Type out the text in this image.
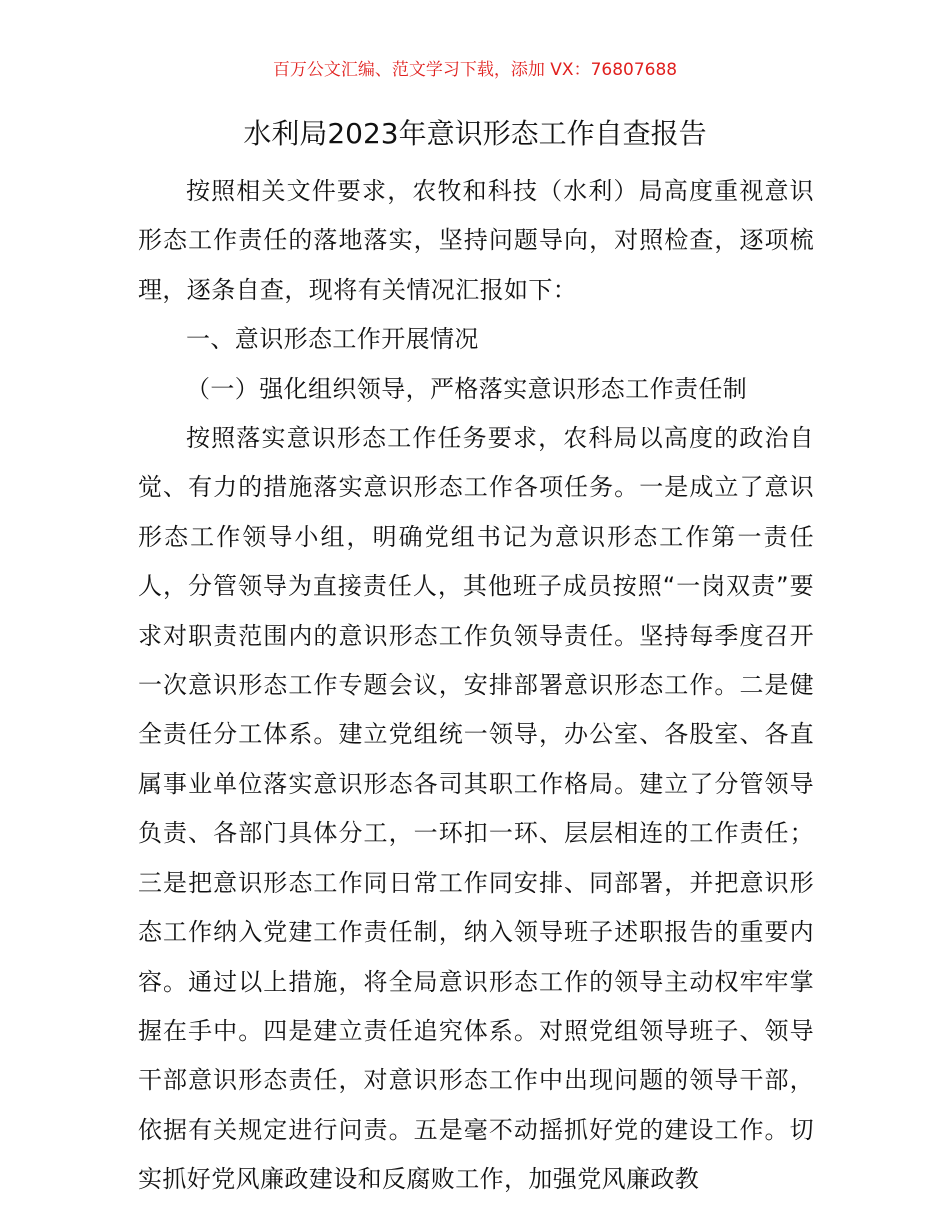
百万公文汇编、范文学习下载，添加 VX：76807688
水利局2023年意识形态工作自查报告

按照相关文件要求，农牧和科技（水利）局高度重视意识形态工作责任的落地落实，坚持问题导向，对照检查，逐项梳理，逐条自查，现将有关情况汇报如下：

一、意识形态工作开展情况

（一）强化组织领导，严格落实意识形态工作责任制

按照落实意识形态工作任务要求，农科局以高度的政治自觉、有力的措施落实意识形态工作各项任务。一是成立了意识形态工作领导小组，明确党组书记为意识形态工作第一责任人，分管领导为直接责任人，其他班子成员按照“一岗双责”要求对职责范围内的意识形态工作负领导责任。坚持每季度召开一次意识形态工作专题会议，安排部署意识形态工作。二是健全责任分工体系。建立党组统一领导，办公室、各股室、各直属事业单位落实意识形态各司其职工作格局。建立了分管领导负责、各部门具体分工，一环扣一环、层层相连的工作责任；三是把意识形态工作同日常工作同安排、同部署，并把意识形态工作纳入党建工作责任制，纳入领导班子述职报告的重要内容。通过以上措施，将全局意识形态工作的领导主动权牢牢掌握在手中。四是建立责任追究体系。对照党组领导班子、领导干部意识形态责任，对意识形态工作中出现问题的领导干部，依据有关规定进行问责。五是毫不动摇抓好党的建设工作。切实抓好党风廉政建设和反腐败工作，加强党风廉政教
